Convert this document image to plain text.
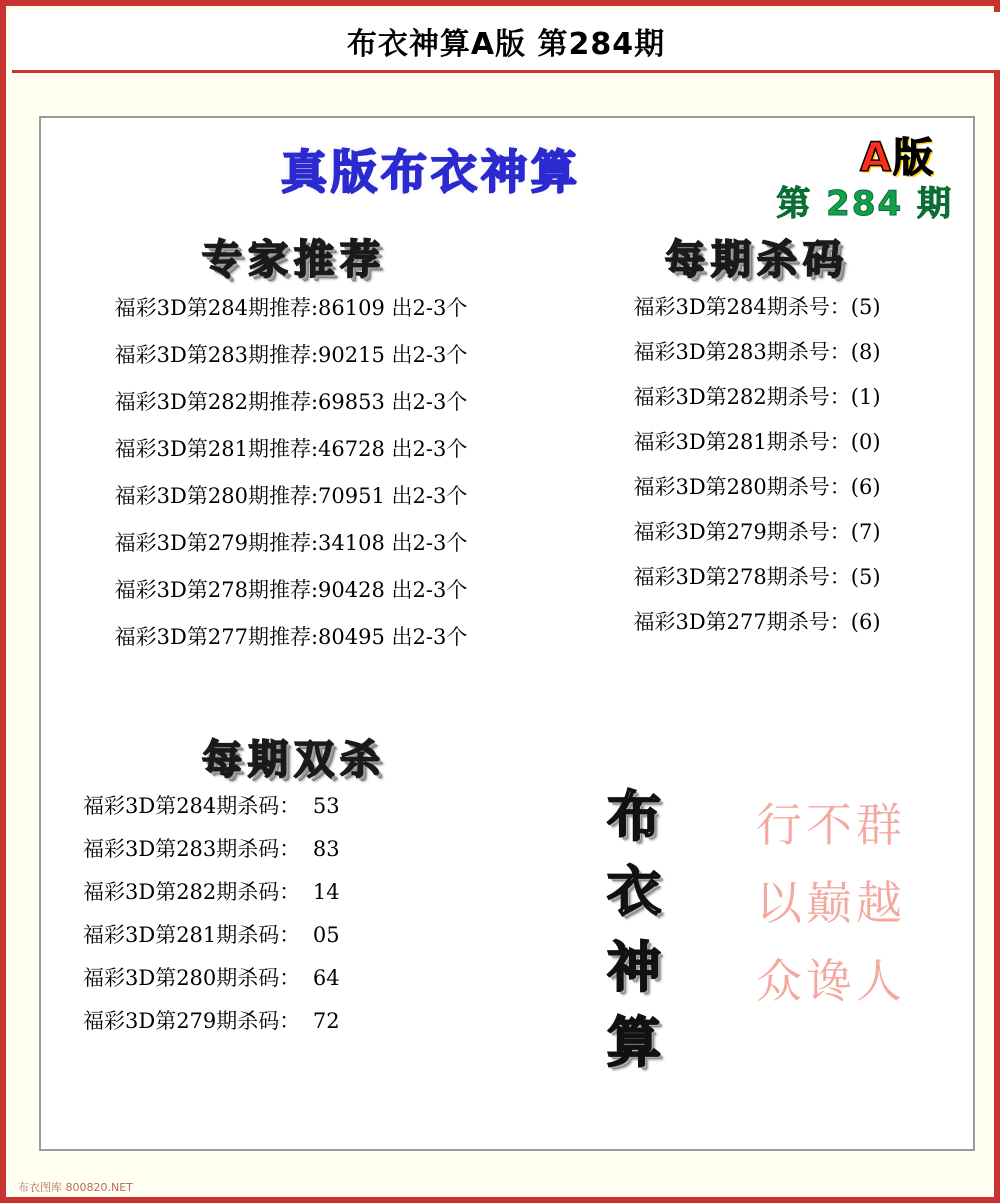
布衣神算A版 第284期
真版布衣神算	A版
第 284 期
专家推荐
福彩3D第284期推荐:86109 出2-3个
福彩3D第283期推荐:90215 出2-3个
福彩3D第282期推荐:69853 出2-3个
福彩3D第281期推荐:46728 出2-3个
福彩3D第280期推荐:70951 出2-3个
福彩3D第279期推荐:34108 出2-3个
福彩3D第278期推荐:90428 出2-3个
福彩3D第277期推荐:80495 出2-3个
每期杀码
福彩3D第284期杀号：(5)
福彩3D第283期杀号：(8)
福彩3D第282期杀号：(1)
福彩3D第281期杀号：(0)
福彩3D第280期杀号：(6)
福彩3D第279期杀号：(7)
福彩3D第278期杀号：(5)
福彩3D第277期杀号：(6)
每期双杀
福彩3D第284期杀码： 53
福彩3D第283期杀码： 83
福彩3D第282期杀码： 14
福彩3D第281期杀码： 05
福彩3D第280期杀码： 64
福彩3D第279期杀码： 72
布
衣
神
算
行不群
以巅越
众谗人
布衣图库 800820.NET
